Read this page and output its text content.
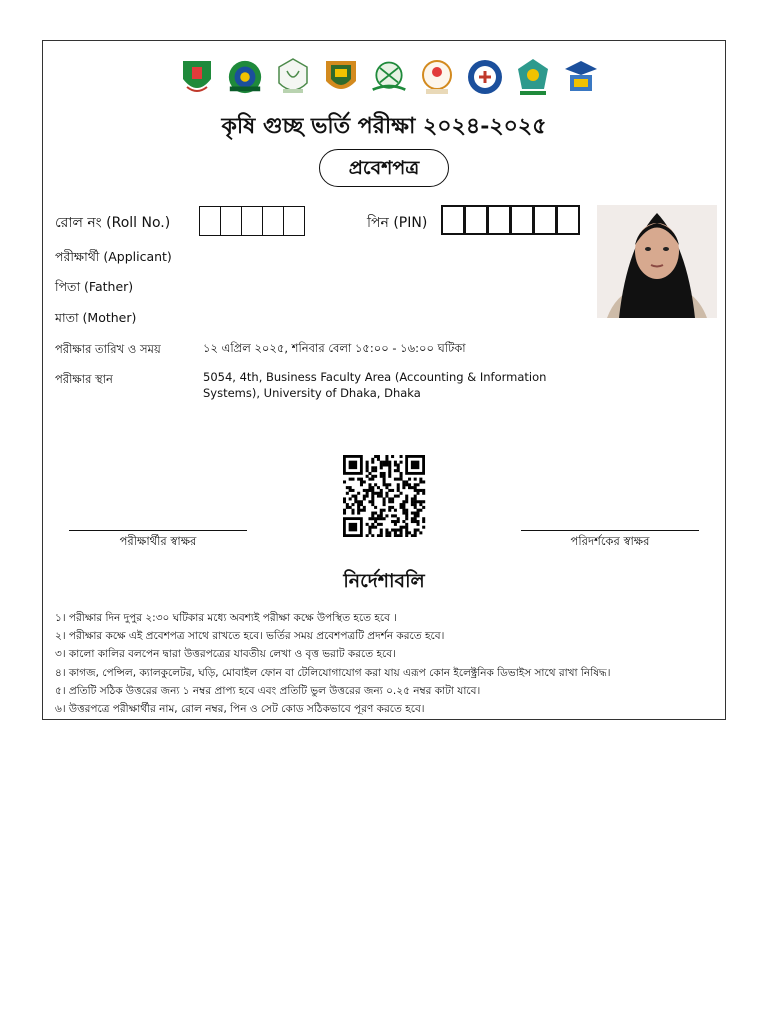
কৃষি গুচ্ছ ভর্তি পরীক্ষা ২০২৪-২০২৫
প্রবেশপত্র
রোল নং (Roll No.)	পিন (PIN)
পরীক্ষার্থী (Applicant)
পিতা (Father)
মাতা (Mother)
পরীক্ষার তারিখ ও সময়	১২ এপ্রিল ২০২৫, শনিবার বেলা ১৫:০০ - ১৬:০০ ঘটিকা
পরীক্ষার স্থান	5054, 4th, Business Faculty Area (Accounting & Information
Systems), University of Dhaka, Dhaka
পরীক্ষার্থীর স্বাক্ষর	পরিদর্শকের স্বাক্ষর
নির্দেশাবলি
১। পরীক্ষার দিন দুপুর ২:৩০ ঘটিকার মধ্যে অবশ্যই পরীক্ষা কক্ষে উপস্থিত হতে হবে ।
২। পরীক্ষার কক্ষে এই প্রবেশপত্র সাথে রাখতে হবে। ভর্তির সময় প্রবেশপত্রটি প্রদর্শন করতে হবে।
৩। কালো কালির বলপেন দ্বারা উত্তরপত্রের যাবতীয় লেখা ও বৃত্ত ভরাট করতে হবে।
৪। কাগজ, পেন্সিল, ক্যালকুলেটর, ঘড়ি, মোবাইল ফোন বা টেলিযোগাযোগ করা যায় এরূপ কোন ইলেক্ট্রনিক ডিভাইস সাথে রাখা নিষিদ্ধ।
৫। প্রতিটি সঠিক উত্তরের জন্য ১ নম্বর প্রাপ্য হবে এবং প্রতিটি ভুল উত্তরের জন্য ০.২৫ নম্বর কাটা যাবে।
৬। উত্তরপত্রে পরীক্ষার্থীর নাম, রোল নম্বর, পিন ও সেট কোড সঠিকভাবে পূরণ করতে হবে।
